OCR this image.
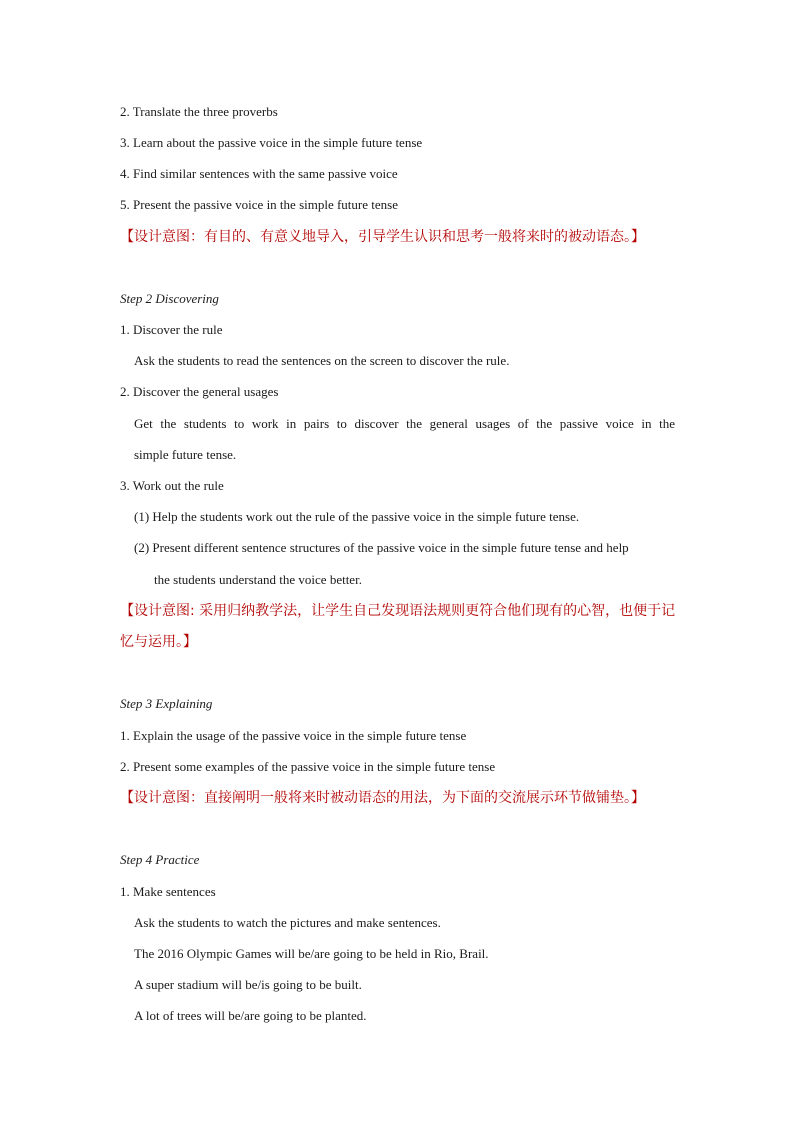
2. Translate the three proverbs
3. Learn about the passive voice in the simple future tense
4. Find similar sentences with the same passive voice
5. Present the passive voice in the simple future tense
【设计意图：有目的、有意义地导入，引导学生认识和思考一般将来时的被动语态。】
Step 2 Discovering
1. Discover the rule
Ask the students to read the sentences on the screen to discover the rule.
2. Discover the general usages
Get the students to work in pairs to discover the general usages of the passive voice in the
simple future tense.
3. Work out the rule
(1) Help the students work out the rule of the passive voice in the simple future tense.
(2) Present different sentence structures of the passive voice in the simple future tense and help
the students understand the voice better.
【设计意图: 采用归纳教学法，让学生自己发现语法规则更符合他们现有的心智，也便于记
忆与运用。】
Step 3 Explaining
1. Explain the usage of the passive voice in the simple future tense
2. Present some examples of the passive voice in the simple future tense
【设计意图：直接阐明一般将来时被动语态的用法，为下面的交流展示环节做铺垫。】
Step 4 Practice
1. Make sentences
Ask the students to watch the pictures and make sentences.
The 2016 Olympic Games will be/are going to be held in Rio, Brail.
A super stadium will be/is going to be built.
A lot of trees will be/are going to be planted.
